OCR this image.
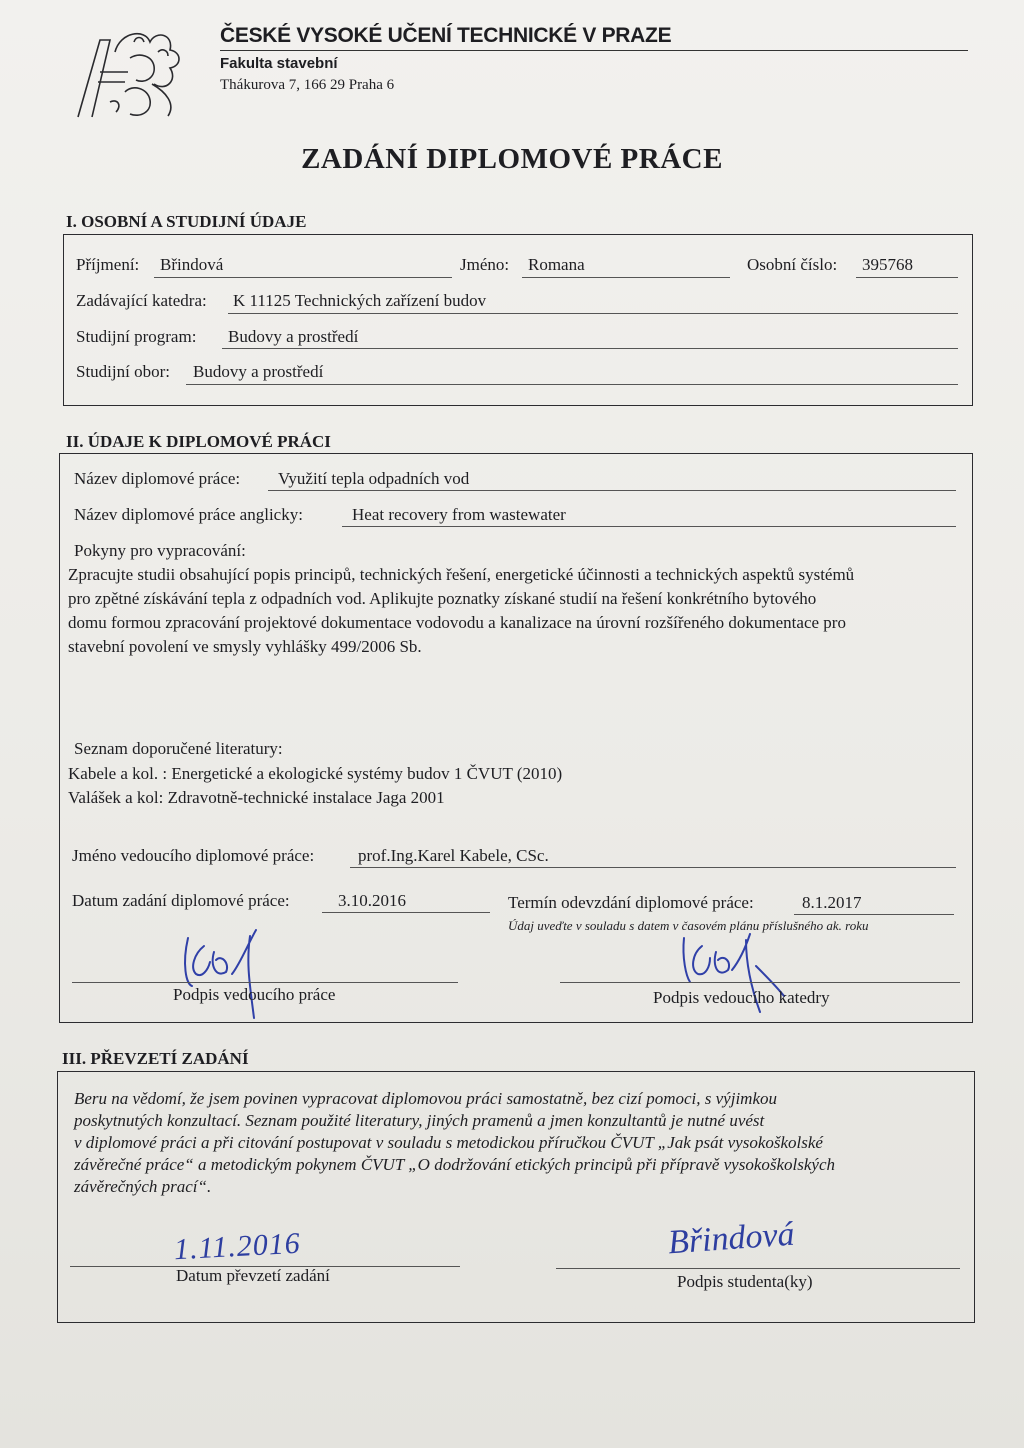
ČESKÉ VYSOKÉ UČENÍ TECHNICKÉ V PRAZE
Fakulta stavební
Thákurova 7, 166 29 Praha 6
ZADÁNÍ DIPLOMOVÉ PRÁCE
I. OSOBNÍ A STUDIJNÍ ÚDAJE
Příjmení: Břindová	Jméno: Romana	Osobní číslo: 395768
Zadávající katedra: K 11125 Technických zařízení budov
Studijní program: Budovy a prostředí
Studijní obor: Budovy a prostředí
II. ÚDAJE K DIPLOMOVÉ PRÁCI
Název diplomové práce: Využití tepla odpadních vod
Název diplomové práce anglicky:	Heat recovery from wastewater
Pokyny pro vypracování:
Zpracujte studii obsahující popis principů, technických řešení, energetické účinnosti a technických aspektů systémů
pro zpětné získávání tepla z odpadních vod. Aplikujte poznatky získané studií na řešení konkrétního bytového
domu formou zpracování projektové dokumentace vodovodu a kanalizace na úrovní rozšířeného dokumentace pro
stavební povolení ve smysly vyhlášky 499/2006 Sb.
Seznam doporučené literatury:
Kabele a kol. : Energetické a ekologické systémy budov 1 ČVUT (2010)
Valášek a kol: Zdravotně-technické instalace Jaga 2001
Jméno vedoucího diplomové práce:	prof.Ing.Karel Kabele, CSc.
Datum zadání diplomové práce:	3.10.2016	Termín odevzdání diplomové práce:	8.1.2017
Údaj uveďte v souladu s datem v časovém plánu příslušného ak. roku
Podpis vedoucího práce	Podpis vedoucího katedry
III. PŘEVZETÍ ZADÁNÍ
Beru na vědomí, že jsem povinen vypracovat diplomovou práci samostatně, bez cizí pomoci, s výjimkou
poskytnutých konzultací. Seznam použité literatury, jiných pramenů a jmen konzultantů je nutné uvést
v diplomové práci a při citování postupovat v souladu s metodickou příručkou ČVUT „Jak psát vysokoškolské
závěrečné práce“ a metodickým pokynem ČVUT „O dodržování etických principů při přípravě vysokoškolských
závěrečných prací“.
1.11.2016
Datum převzetí zadání
Břindová
Podpis studenta(ky)
